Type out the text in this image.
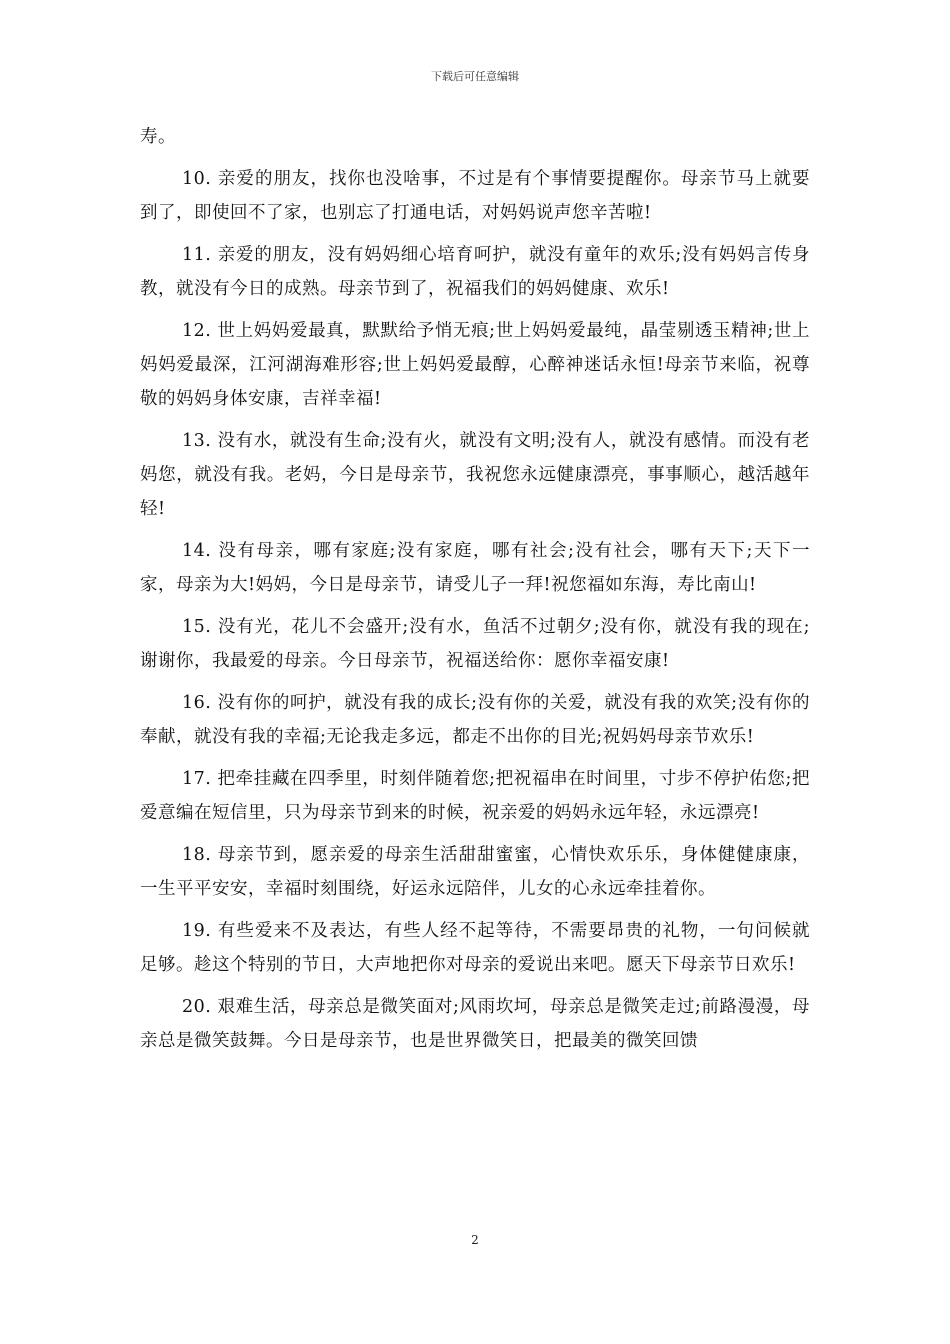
下载后可任意编辑

寿。

10. 亲爱的朋友，找你也没啥事，不过是有个事情要提醒你。母亲节马上就要到了，即使回不了家，也别忘了打通电话，对妈妈说声您辛苦啦!

11. 亲爱的朋友，没有妈妈细心培育呵护，就没有童年的欢乐;没有妈妈言传身教，就没有今日的成熟。母亲节到了，祝福我们的妈妈健康、欢乐!

12. 世上妈妈爱最真，默默给予悄无痕;世上妈妈爱最纯，晶莹剔透玉精神;世上妈妈爱最深，江河湖海难形容;世上妈妈爱最醇，心醉神迷话永恒!母亲节来临，祝尊敬的妈妈身体安康，吉祥幸福!

13. 没有水，就没有生命;没有火，就没有文明;没有人，就没有感情。而没有老妈您，就没有我。老妈，今日是母亲节，我祝您永远健康漂亮，事事顺心，越活越年轻!

14. 没有母亲，哪有家庭;没有家庭，哪有社会;没有社会，哪有天下;天下一家，母亲为大!妈妈，今日是母亲节，请受儿子一拜!祝您福如东海，寿比南山!

15. 没有光，花儿不会盛开;没有水，鱼活不过朝夕;没有你，就没有我的现在;谢谢你，我最爱的母亲。今日母亲节，祝福送给你：愿你幸福安康!

16. 没有你的呵护，就没有我的成长;没有你的关爱，就没有我的欢笑;没有你的奉献，就没有我的幸福;无论我走多远，都走不出你的目光;祝妈妈母亲节欢乐!

17. 把牵挂藏在四季里，时刻伴随着您;把祝福串在时间里，寸步不停护佑您;把爱意编在短信里，只为母亲节到来的时候，祝亲爱的妈妈永远年轻，永远漂亮!

18. 母亲节到，愿亲爱的母亲生活甜甜蜜蜜，心情快欢乐乐，身体健健康康，一生平平安安，幸福时刻围绕，好运永远陪伴，儿女的心永远牵挂着你。

19. 有些爱来不及表达，有些人经不起等待，不需要昂贵的礼物，一句问候就足够。趁这个特别的节日，大声地把你对母亲的爱说出来吧。愿天下母亲节日欢乐!

20. 艰难生活，母亲总是微笑面对;风雨坎坷，母亲总是微笑走过;前路漫漫，母亲总是微笑鼓舞。今日是母亲节，也是世界微笑日，把最美的微笑回馈

2
